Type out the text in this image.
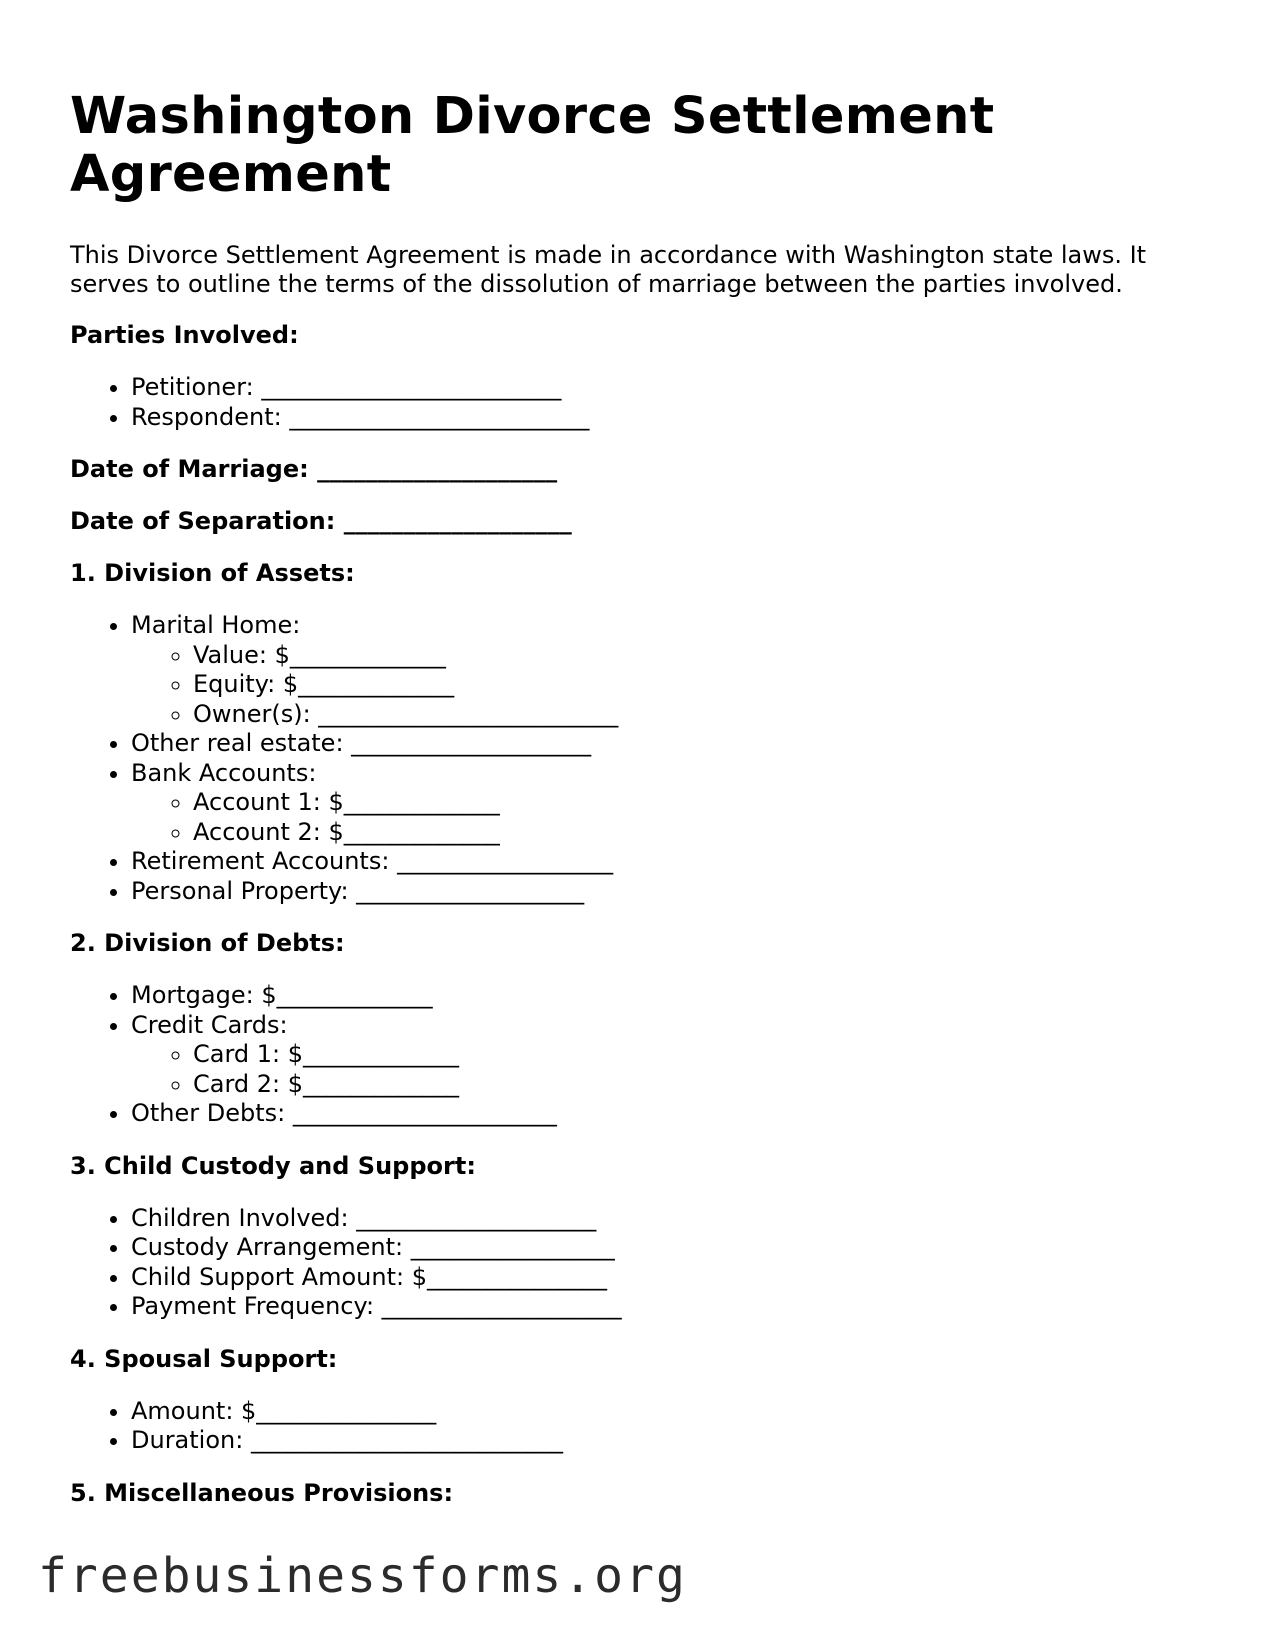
Washington Divorce Settlement Agreement

This Divorce Settlement Agreement is made in accordance with Washington state laws. It serves to outline the terms of the dissolution of marriage between the parties involved.

Parties Involved:
• Petitioner: _________________________
• Respondent: _________________________
Date of Marriage: ____________________
Date of Separation: ___________________
1. Division of Assets:
• Marital Home:
◦ Value: $_____________
◦ Equity: $_____________
◦ Owner(s): _________________________
• Other real estate: ____________________
• Bank Accounts:
◦ Account 1: $_____________
◦ Account 2: $_____________
• Retirement Accounts: __________________
• Personal Property: ___________________
2. Division of Debts:
• Mortgage: $_____________
• Credit Cards:
◦ Card 1: $_____________
◦ Card 2: $_____________
• Other Debts: ______________________
3. Child Custody and Support:
• Children Involved: ____________________
• Custody Arrangement: _________________
• Child Support Amount: $_______________
• Payment Frequency: ____________________
4. Spousal Support:
• Amount: $_______________
• Duration: __________________________
5. Miscellaneous Provisions:
freebusinessforms.org
